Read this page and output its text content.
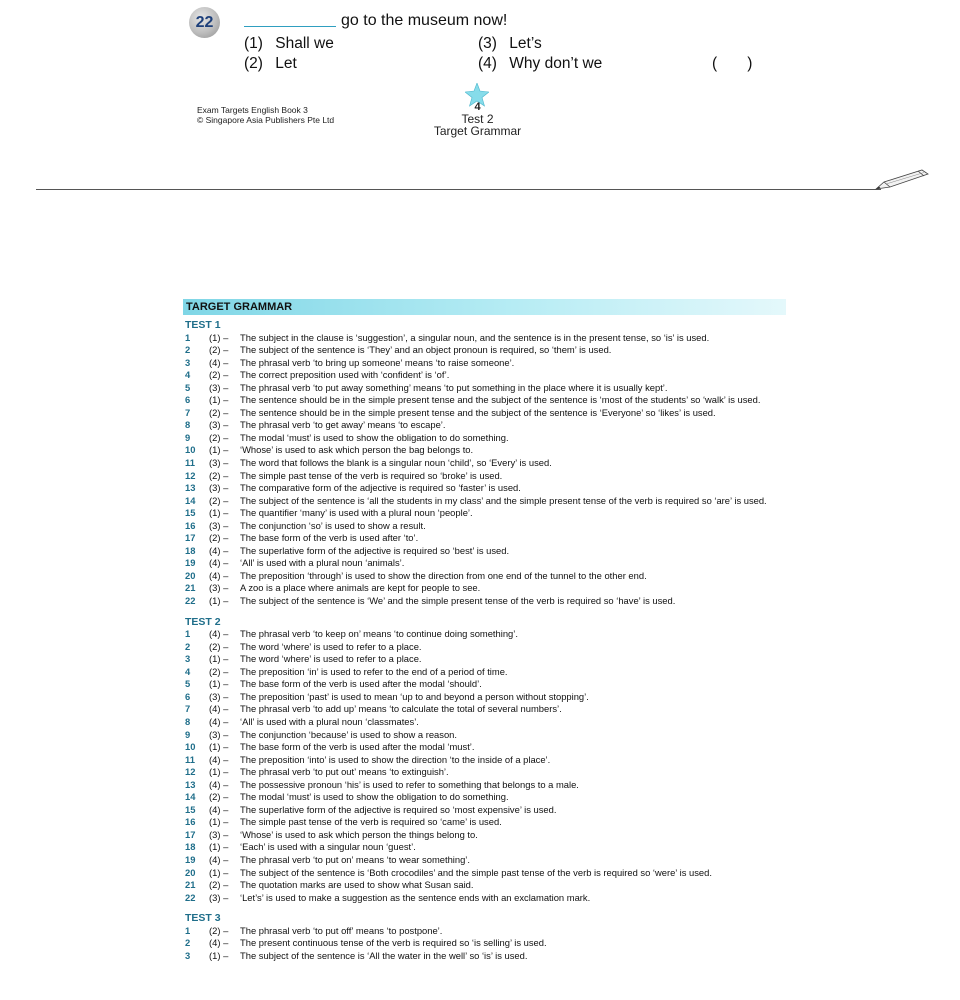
22	go to the museum now!
(1) Shall we
(2) Let
(3) Let’s
(4) Why don’t we	(       )
Exam Targets English Book 3
© Singapore Asia Publishers Pte Ltd
4
Test 2
Target Grammar
TARGET GRAMMAR
TEST 1
1	(1) –	The subject in the clause is ‘suggestion’, a singular noun, and the sentence is in the present tense, so ‘is’ is used.
2	(2) –	The subject of the sentence is ‘They’ and an object pronoun is required, so ‘them’ is used.
3	(4) –	The phrasal verb ‘to bring up someone’ means ‘to raise someone’.
4	(2) –	The correct preposition used with ‘confident’ is ‘of’.
5	(3) –	The phrasal verb ‘to put away something’ means ‘to put something in the place where it is usually kept’.
6	(1) –	The sentence should be in the simple present tense and the subject of the sentence is ‘most of the students’ so ‘walk’ is used.
7	(2) –	The sentence should be in the simple present tense and the subject of the sentence is ‘Everyone’ so ‘likes’ is used.
8	(3) –	The phrasal verb ‘to get away’ means ‘to escape’.
9	(2) –	The modal ‘must’ is used to show the obligation to do something.
10	(1) –	‘Whose’ is used to ask which person the bag belongs to.
11	(3) –	The word that follows the blank is a singular noun ‘child’, so ‘Every’ is used.
12	(2) –	The simple past tense of the verb is required so ‘broke’ is used.
13	(3) –	The comparative form of the adjective is required so ‘faster’ is used.
14	(2) –	The subject of the sentence is ‘all the students in my class’ and the simple present tense of the verb is required so ‘are’ is used.
15	(1) –	The quantifier ‘many’ is used with a plural noun ‘people’.
16	(3) –	The conjunction ‘so’ is used to show a result.
17	(2) –	The base form of the verb is used after ‘to’.
18	(4) –	The superlative form of the adjective is required so ‘best’ is used.
19	(4) –	‘All’ is used with a plural noun ‘animals’.
20	(4) –	The preposition ‘through’ is used to show the direction from one end of the tunnel to the other end.
21	(3) –	A zoo is a place where animals are kept for people to see.
22	(1) –	The subject of the sentence is ‘We’ and the simple present tense of the verb is required so ‘have’ is used.
TEST 2
1	(4) –	The phrasal verb ‘to keep on’ means ‘to continue doing something’.
2	(2) –	The word ‘where’ is used to refer to a place.
3	(1) –	The word ‘where’ is used to refer to a place.
4	(2) –	The preposition ‘in’ is used to refer to the end of a period of time.
5	(1) –	The base form of the verb is used after the modal ‘should’.
6	(3) –	The preposition ‘past’ is used to mean ‘up to and beyond a person without stopping’.
7	(4) –	The phrasal verb ‘to add up’ means ‘to calculate the total of several numbers’.
8	(4) –	‘All’ is used with a plural noun ‘classmates’.
9	(3) –	The conjunction ‘because’ is used to show a reason.
10	(1) –	The base form of the verb is used after the modal ‘must’.
11	(4) –	The preposition ‘into’ is used to show the direction ‘to the inside of a place’.
12	(1) –	The phrasal verb ‘to put out’ means ‘to extinguish’.
13	(4) –	The possessive pronoun ‘his’ is used to refer to something that belongs to a male.
14	(2) –	The modal ‘must’ is used to show the obligation to do something.
15	(4) –	The superlative form of the adjective is required so ‘most expensive’ is used.
16	(1) –	The simple past tense of the verb is required so ‘came’ is used.
17	(3) –	‘Whose’ is used to ask which person the things belong to.
18	(1) –	‘Each’ is used with a singular noun ‘guest’.
19	(4) –	The phrasal verb ‘to put on’ means ‘to wear something’.
20	(1) –	The subject of the sentence is ‘Both crocodiles’ and the simple past tense of the verb is required so ‘were’ is used.
21	(2) –	The quotation marks are used to show what Susan said.
22	(3) –	‘Let’s’ is used to make a suggestion as the sentence ends with an exclamation mark.
TEST 3
1	(2) –	The phrasal verb ‘to put off’ means ‘to postpone’.
2	(4) –	The present continuous tense of the verb is required so ‘is selling’ is used.
3	(1) –	The subject of the sentence is ‘All the water in the well’ so ‘is’ is used.
